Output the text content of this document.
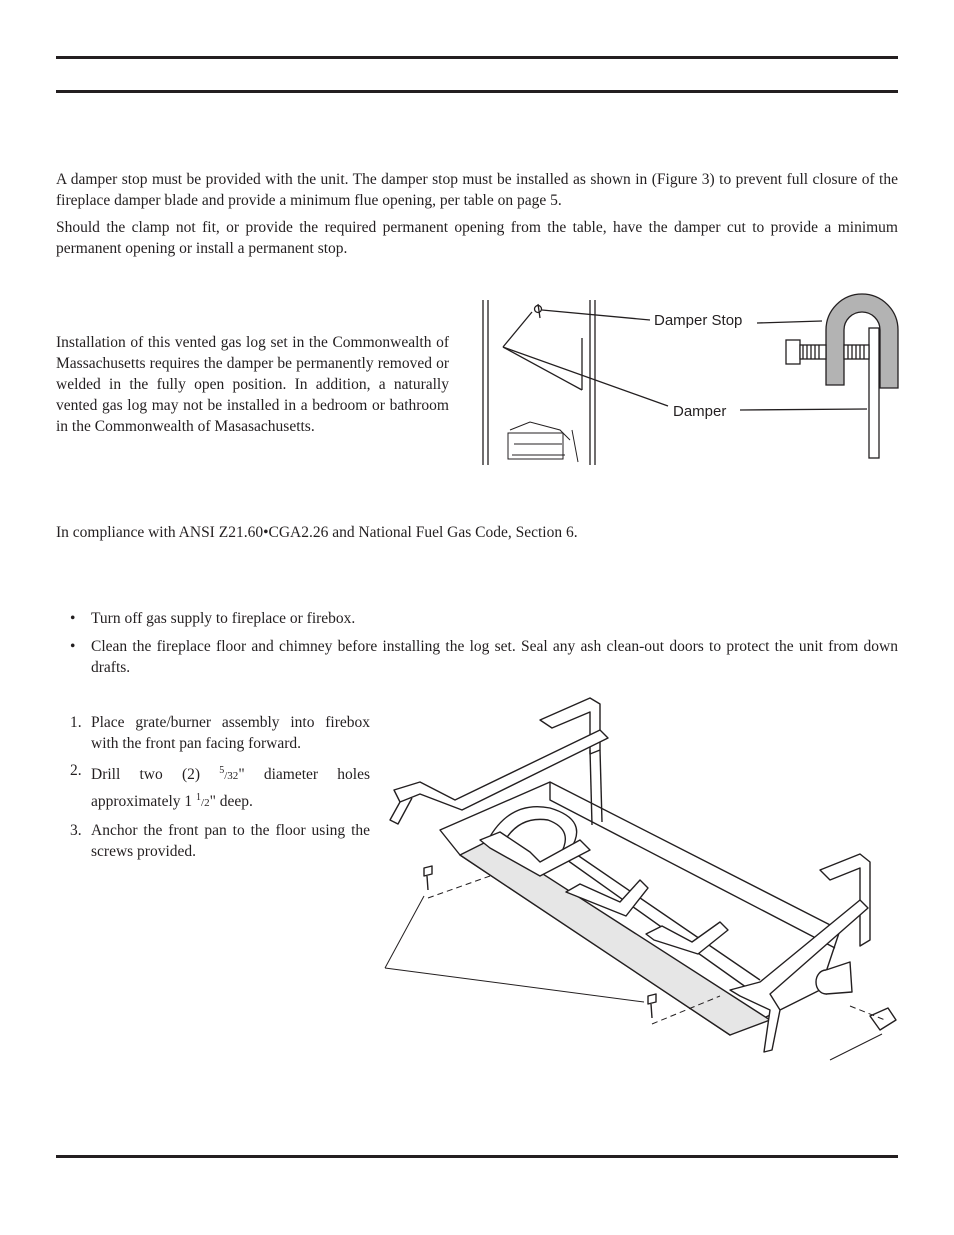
A damper stop must be provided with the unit. The damper stop must be installed as shown in (Figure 3) to prevent full closure of the fireplace damper blade and provide a minimum flue opening, per table on page 5.

Should the clamp not fit, or provide the required permanent opening from the table, have the damper cut to provide a minimum permanent opening or install a permanent stop.

Installation of this vented gas log set in the Commonwealth of Massachusetts requires the damper be permanently removed or welded in the fully open position. In addition, a naturally vented gas log may not be installed in a bedroom or bathroom in the Commonwealth of Masasachusetts.

Damper Stop
Damper

In compliance with ANSI Z21.60•CGA2.26 and National Fuel Gas Code, Section 6.

• Turn off gas supply to fireplace or firebox.
• Clean the fireplace floor and chimney before installing the log set. Seal any ash clean-out doors to protect the unit from down drafts.
1. Place grate/burner assembly into firebox with the front pan facing forward.
2. Drill two (2) $^5$/32" diameter holes approximately 1 $^1$/2" deep.
3. Anchor the front pan to the floor using the screws provided.
